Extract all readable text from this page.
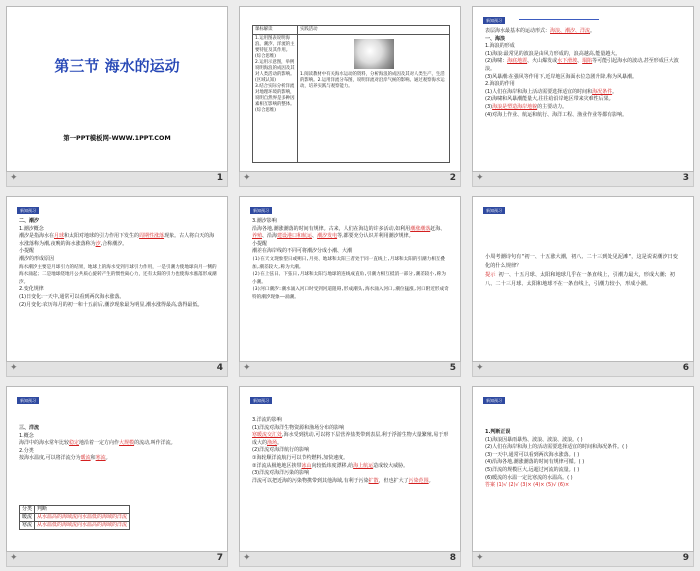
第三节 海水的运动
第一PPT模板网-WWW.1PPT.COM
✦	1
课标解读	实践活动
1.运用图表说明海浪、潮汐、洋流的主要特征及其作用。(综合思维)
2.运用示意图，举例说明海浪的成因及其对人类活动的影响。(区域认知)
3.结合实际分析洋流对地理环境的影响，说明自然界是多种因素相互影响的整体。(综合思维)	1.阅读教材中有关海水运动的资料，分析海浪的成因及其对人类生产、生活的影响。2.运用洋流分布图，说明洋流对沿岸气候的影响。通过观察海水运动，培养实践与观察能力。
✦	2
新知预习

表层海水最基本的运动形式：海浪、潮汐、洋流。

一、海浪

1.海浪的形成

(1)海浪:最常见的波浪是由风力形成的，浪高越高,能量越大。

(2)海啸：海底地震、火山爆发或水下滑坡、塌陷等可能引起海水的波动,甚至形成巨大波浪。

(3)风暴潮:在强风等作用下,近岸地区海面水位急剧升降,称为风暴潮。

2.海浪的作用

(1)人们在海岸和海上活动需要选择适宜的时间和海况条件。

(2)海啸和风暴潮能量大,往往给沿岸地区带来灾难性后果。

(3)海浪是塑造海岸地貌的主要动力。

(4)对海上作业、航运和航行、海洋工程、渔业作业等都有影响。

✦	3
新知预习

二、潮汐

1.潮汐概念

潮汐是指海水在月球和太阳对地球的引力作用下发生的周期性涨落现象。古人将白天的海水涨落称为潮,夜晚的海水涨落称为汐,合称潮汐。

小提醒

潮汐的形成原因

海水潮汐主要是月球引力的结果，地球上的海水受到月球引力作用，一是引潮力使地球向月一侧的海水涌起；二是地球绕地月公共质心旋转产生的惯性离心力，还有太阳的引力也使海水涨落形成潮汐。

2.变化规律

(1)日变化:一天中,通常可以看到两次海水涨落。

(2)月变化:农历每月的初一和十五前后,潮汐现象最为明显,潮水涨得最高,落得最低。

✦	4
新知预习

3.潮汐影响

沿海各地,潮涨潮落的时间有规律。古来，人们在海边的许多活动,如利用潮涨潮落赶海、养殖、沿海建设港口和航运、潮汐发电等,都要充分认识并利用潮汐规律。

小提醒

潮差在海岸线的不同可将潮汐分成小潮、大潮

(1)在天文现象望日或朔日,月亮、地球和太阳三者处于同一直线上,月球和太阳的引潮力相互叠加,潮差较大,称为大潮。

(2)在上弦日、下弦日,月球和太阳与地球的连线成直角,引潮力相互抵消一部分,潮差较小,称为小潮。

(3)河口潮汐:潮水涌入河口时受到河道阻碍,形成潮头,海水涌入河口,潮位猛涨,河口附近形成奇特的潮汐现象——涌潮。

✦	5
新知预习

小周考潮诗句有"初一、十五涨大潮，初八、二十三到处见泥滩"，这是说说潮汐日变化的什么规律？

提示 初一、十五月球、太阳和地球几乎在一条直线上，引潮力最大，形成大潮；初八、二十三月球、太阳和地球不在一条直线上，引潮力较小，形成小潮。

✦	6
新知预习

三、洋流

1.概念

海洋中的海水常年比较稳定地沿着一定方向作大规模的流动,叫作洋流。

2.分类

按海水温度,可以将洋流分为暖流和寒流。

分类	判断
暖流	从水温高的海域流向水温低的海域的洋流
寒流	从水温低的海域流向水温高的海域的洋流
✦	7
新知预习

3.洋流的影响

(1)洋流对海洋生物资源和渔场分布的影响

寒暖流交汇处,海水受到扰动,可以将下层营养盐类带到表层,利于浮游生物大量繁殖,易于形成大的渔场。

(2)洋流对海洋航行的影响

①海轮顺洋流航行可以节约燃料,加快速度。

②洋流从极地地区挟带冰山向较低纬度漂移,给海上航运造成较大威胁。

(3)洋流对海洋污染的影响

洋流可以把近海的污染物携带到其他海域,有利于污染扩散，但也扩大了污染范围。

✦	8
新知预习

1.判断正误

(1)海浪因暴雨暴热、波浪、波浪、波浪。( )

(2)人们在海岸和海上的活动需要选择适宜的时间和海况条件。( )

(3)一天中,通常可以看到两次海水涨落。( )

(4)沿海各地,潮涨潮落的时间有规律可循。( )

(5)洋流的规模巨大,远超过河流的流量。( )

(6)暖流的水温一定比寒流的水温高。( )

答案 (1)√ (2)√ (3)× (4)× (5)√ (6)×

✦	9
